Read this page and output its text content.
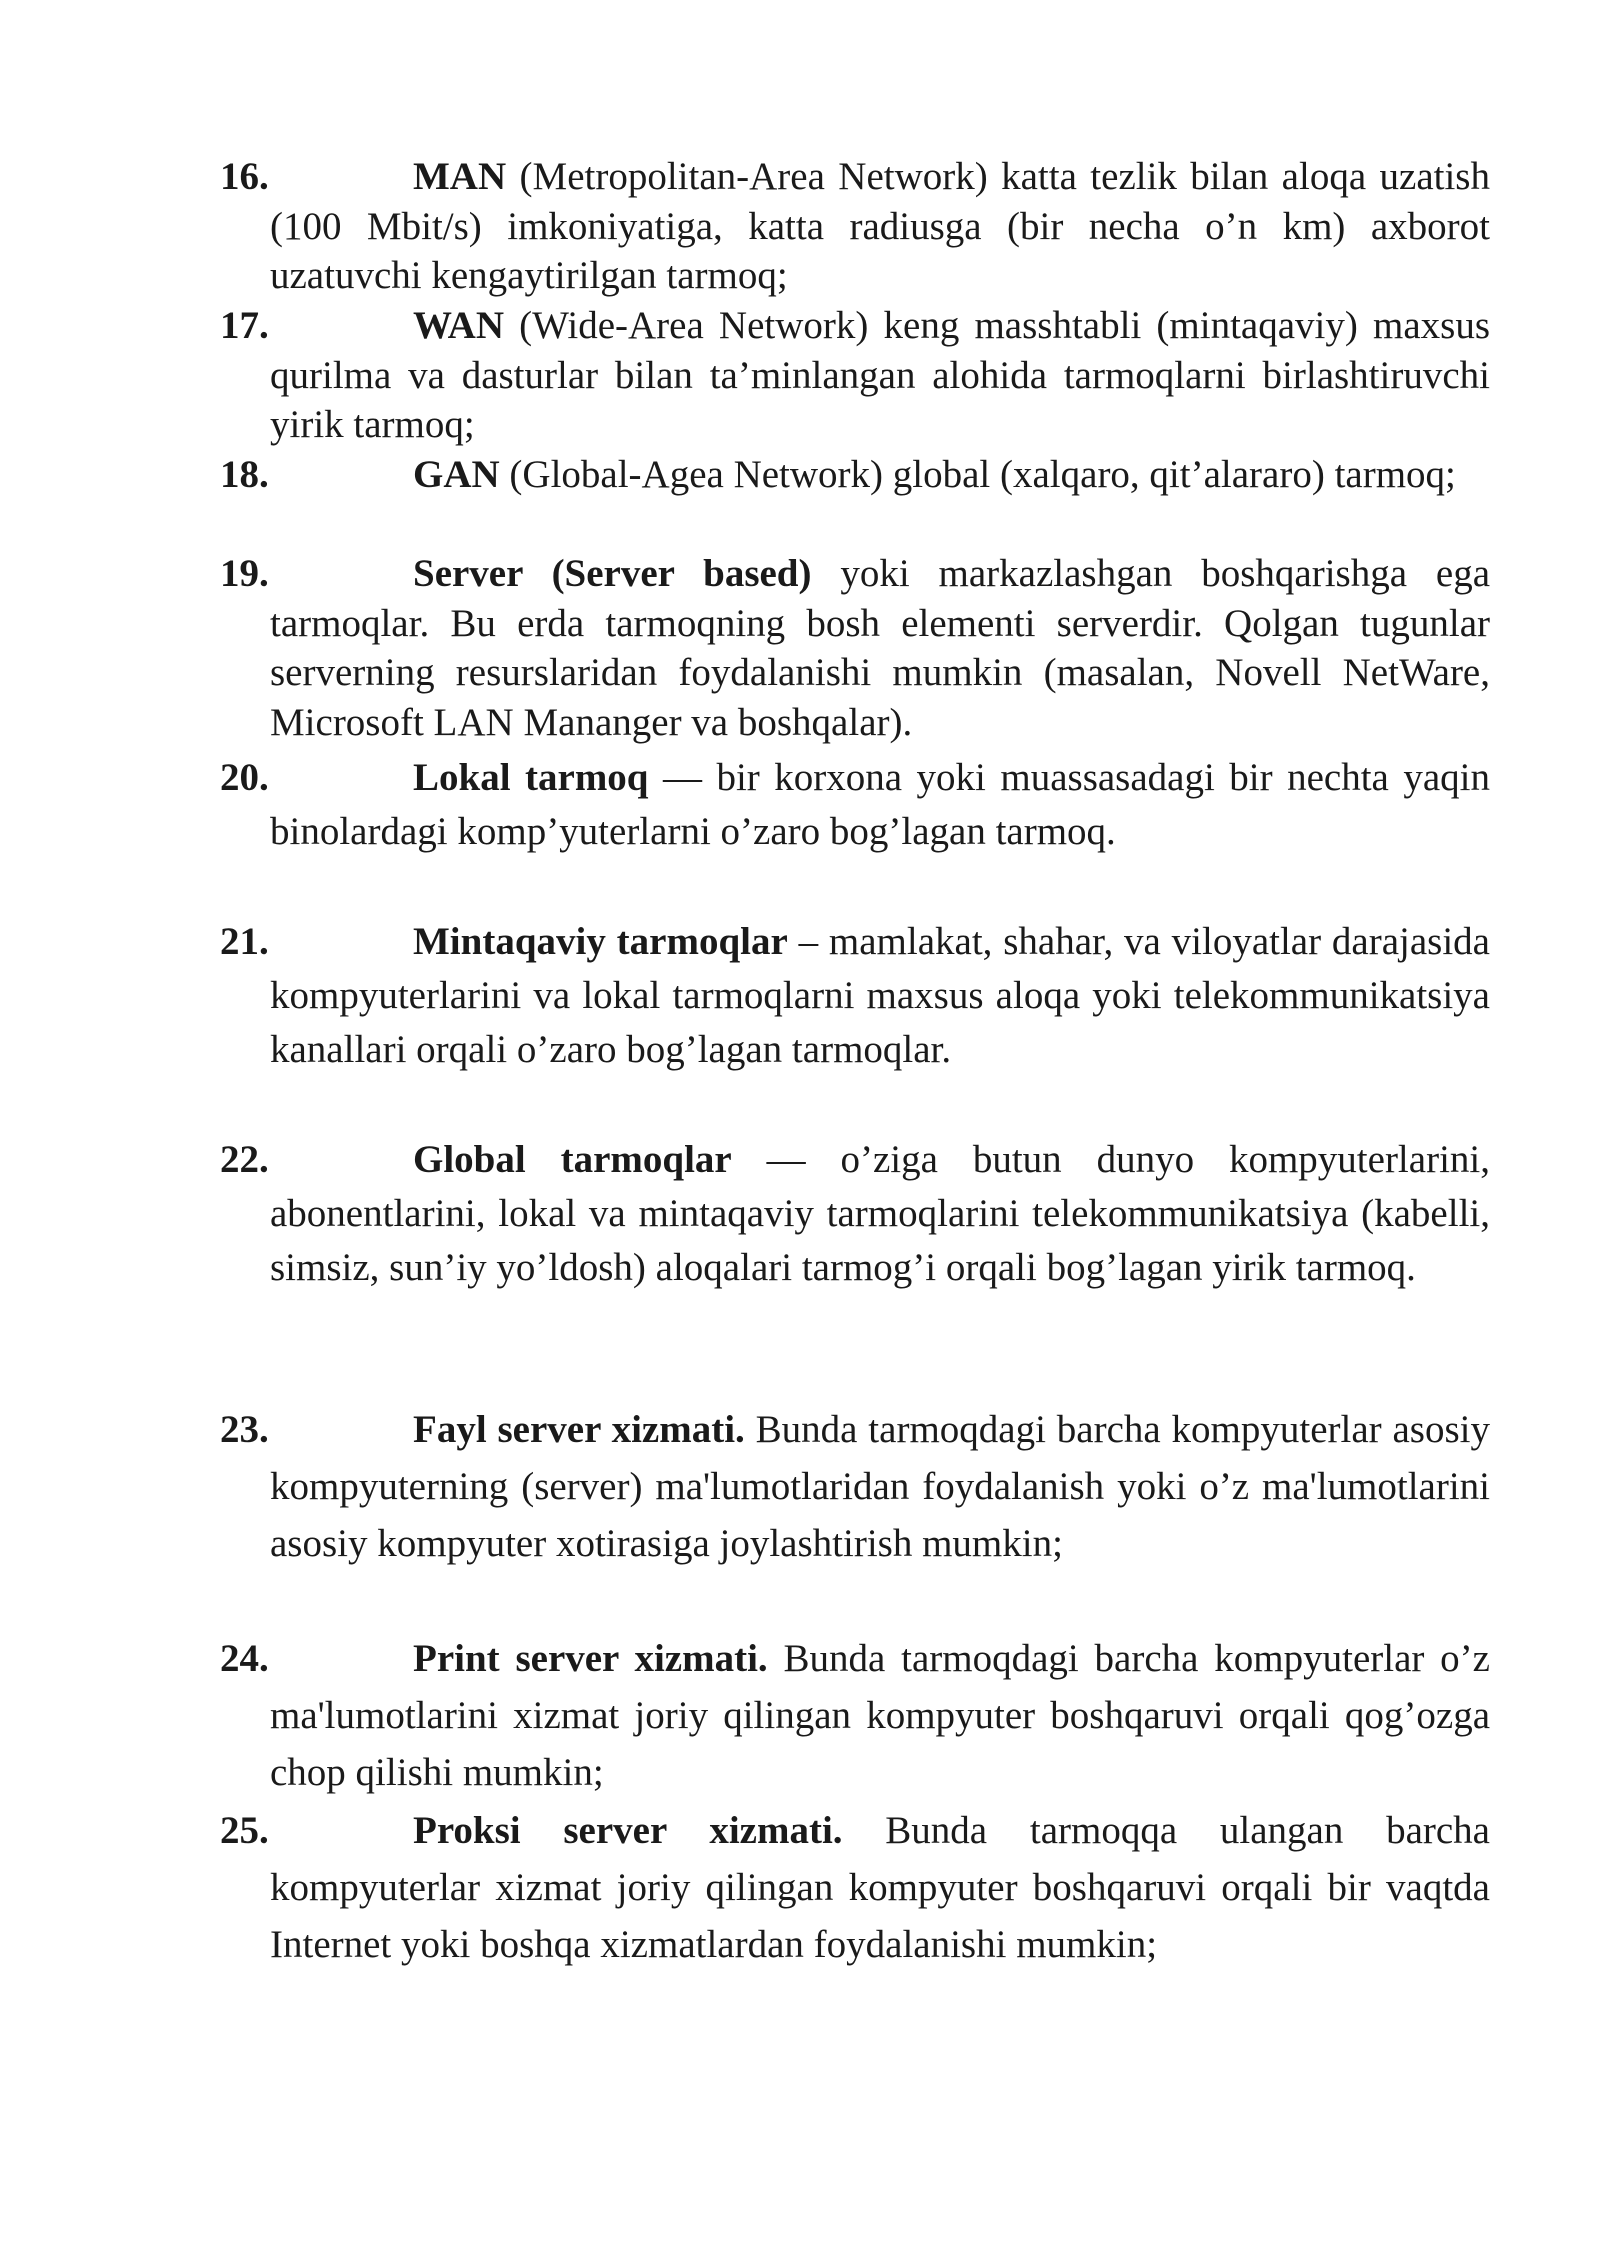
16.	MAN (Metropolitan-Area Network) katta tezlik bilan aloqa uzatish (100 Mbit/s) imkoniyatiga, katta radiusga (bir necha o’n km) axborot uzatuvchi kengaytirilgan tarmoq;
17.	WAN (Wide-Area Network) keng masshtabli (mintaqaviy) maxsus qurilma va dasturlar bilan ta’minlangan alohida tarmoqlarni birlashtiruvchi yirik tarmoq;
18.	GAN (Global-Agea Network) global (xalqaro, qit’alararo) tarmoq;
19.	Server (Server based) yoki markazlashgan boshqarishga ega tarmoqlar. Bu erda tarmoqning bosh elementi serverdir. Qolgan tugunlar serverning resurslaridan foydalanishi mumkin (masalan, Novell NetWare, Microsoft LAN Mananger va boshqalar).
20.	Lokal tarmoq — bir korxona yoki muassasadagi bir nechta yaqin binolardagi komp’yuterlarni o’zaro bog’lagan tarmoq.
21.	Mintaqaviy tarmoqlar – mamlakat, shahar, va viloyatlar darajasida kompyuterlarini va lokal tarmoqlarni maxsus aloqa yoki telekommunikatsiya kanallari orqali o’zaro bog’lagan tarmoqlar.
22.	Global tarmoqlar — o’ziga butun dunyo kompyuterlarini, abonentlarini, lokal va mintaqaviy tarmoqlarini telekommunikatsiya (kabelli, simsiz, sun’iy yo’ldosh) aloqalari tarmog’i orqali bog’lagan yirik tarmoq.
23.	Fayl server xizmati. Bunda tarmoqdagi barcha kompyuterlar asosiy kompyuterning (server) ma'lumotlaridan foydalanish yoki o’z ma'lumotlarini asosiy kompyuter xotirasiga joylashtirish mumkin;
24.	Print server xizmati. Bunda tarmoqdagi barcha kompyuterlar o’z ma'lumotlarini xizmat joriy qilingan kompyuter boshqaruvi orqali qog’ozga chop qilishi mumkin;
25.	Proksi server xizmati. Bunda tarmoqqa ulangan barcha kompyuterlar xizmat joriy qilingan kompyuter boshqaruvi orqali bir vaqtda Internet yoki boshqa xizmatlardan foydalanishi mumkin;
